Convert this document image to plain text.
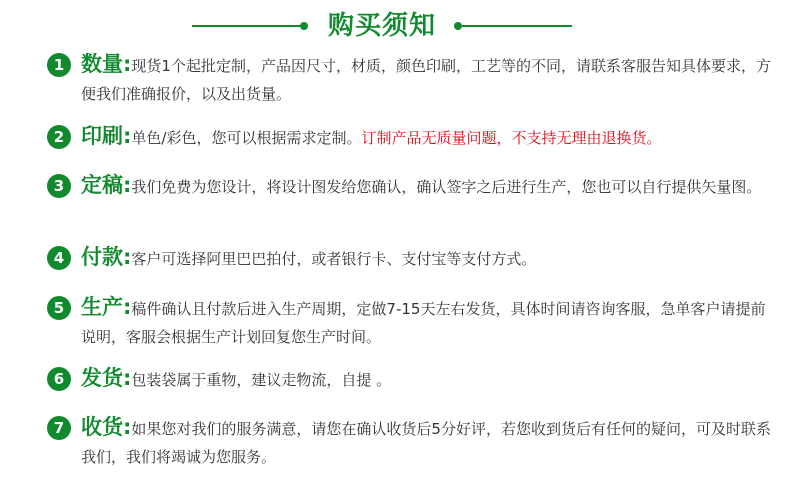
购买须知
1 数量:现货1个起批定制，产品因尺寸，材质，颜色印刷，工艺等的不同，请联系客服告知具体要求，方便我们准确报价，以及出货量。
2 印刷:单色/彩色，您可以根据需求定制。订制产品无质量问题，不支持无理由退换货。
3 定稿:我们免费为您设计，将设计图发给您确认，确认签字之后进行生产，您也可以自行提供矢量图。
4 付款:客户可选择阿里巴巴拍付，或者银行卡、支付宝等支付方式。
5 生产:稿件确认且付款后进入生产周期，定做7-15天左右发货，具体时间请咨询客服，急单客户请提前说明，客服会根据生产计划回复您生产时间。
6 发货:包装袋属于重物，建议走物流，自提 。
7 收货:如果您对我们的服务满意，请您在确认收货后5分好评，若您收到货后有任何的疑问，可及时联系我们，我们将竭诚为您服务。
